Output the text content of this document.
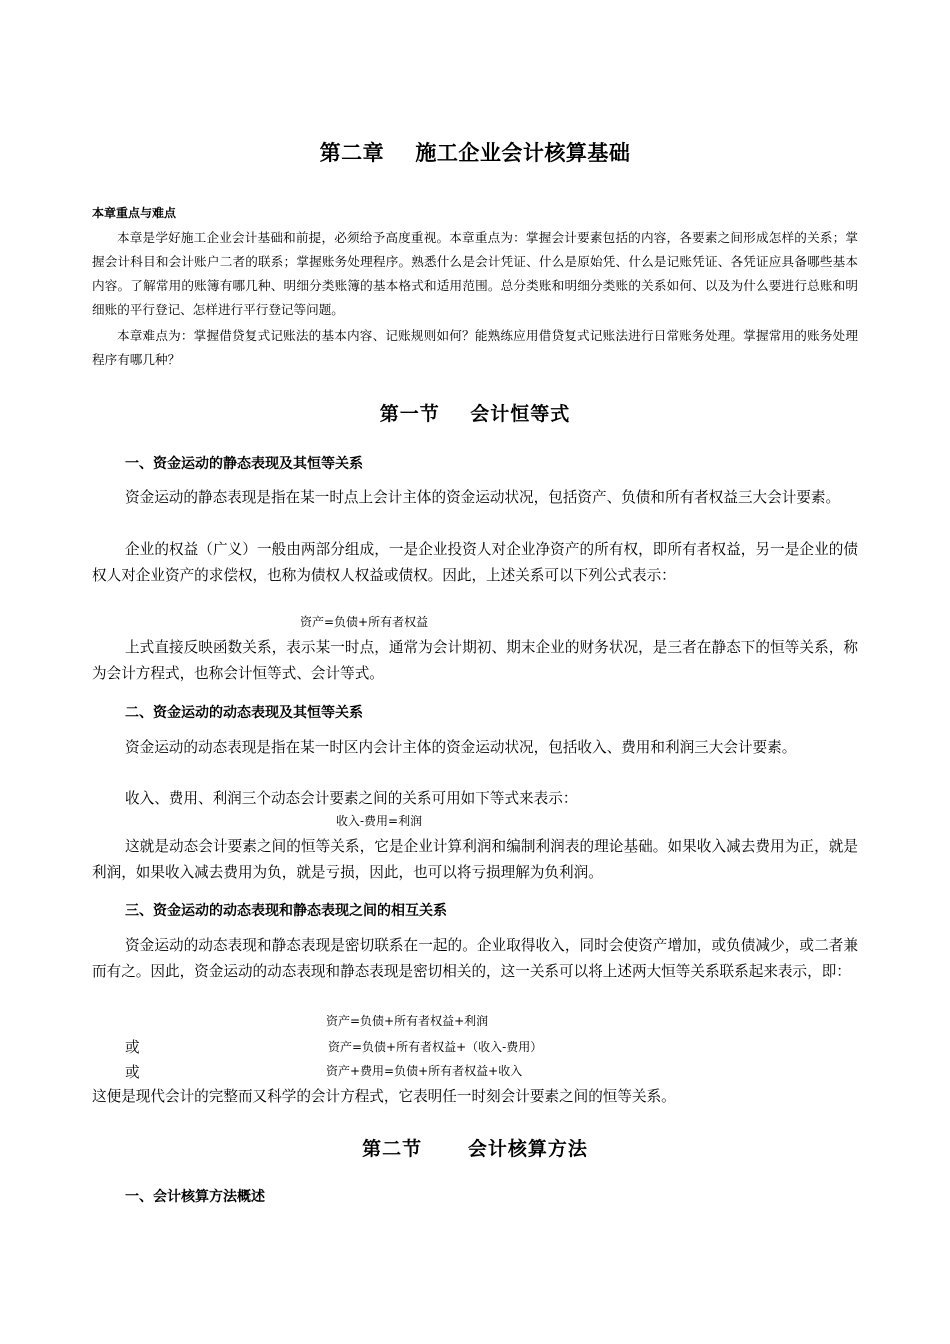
第二章    施工企业会计核算基础
本章重点与难点
本章是学好施工企业会计基础和前提，必须给予高度重视。本章重点为：掌握会计要素包括的内容，各要素之间形成怎样的关系；掌握会计科目和会计账户二者的联系；掌握账务处理程序。熟悉什么是会计凭证、什么是原始凭、什么是记账凭证、各凭证应具备哪些基本内容。了解常用的账簿有哪几种、明细分类账簿的基本格式和适用范围。总分类账和明细分类账的关系如何、以及为什么要进行总账和明细账的平行登记、怎样进行平行登记等问题。
本章难点为：掌握借贷复式记账法的基本内容、记账规则如何？能熟练应用借贷复式记账法进行日常账务处理。掌握常用的账务处理程序有哪几种？
第一节    会计恒等式
一、资金运动的静态表现及其恒等关系
资金运动的静态表现是指在某一时点上会计主体的资金运动状况，包括资产、负债和所有者权益三大会计要素。
企业的权益（广义）一般由两部分组成，一是企业投资人对企业净资产的所有权，即所有者权益，另一是企业的债权人对企业资产的求偿权，也称为债权人权益或债权。因此，上述关系可以下列公式表示：
资产=负债+所有者权益
上式直接反映函数关系，表示某一时点，通常为会计期初、期末企业的财务状况，是三者在静态下的恒等关系，称为会计方程式，也称会计恒等式、会计等式。
二、资金运动的动态表现及其恒等关系
资金运动的动态表现是指在某一时区内会计主体的资金运动状况，包括收入、费用和利润三大会计要素。
收入、费用、利润三个动态会计要素之间的关系可用如下等式来表示：
收入-费用=利润
这就是动态会计要素之间的恒等关系，它是企业计算利润和编制利润表的理论基础。如果收入减去费用为正，就是利润，如果收入减去费用为负，就是亏损，因此，也可以将亏损理解为负利润。
三、资金运动的动态表现和静态表现之间的相互关系
资金运动的动态表现和静态表现是密切联系在一起的。企业取得收入，同时会使资产增加，或负债减少，或二者兼而有之。因此，资金运动的动态表现和静态表现是密切相关的，这一关系可以将上述两大恒等关系联系起来表示，即：
资产=负债+所有者权益+利润
或	资产=负债+所有者权益+（收入-费用）
或	资产+费用=负债+所有者权益+收入
这便是现代会计的完整而又科学的会计方程式，它表明任一时刻会计要素之间的恒等关系。
第二节      会计核算方法
一、会计核算方法概述
